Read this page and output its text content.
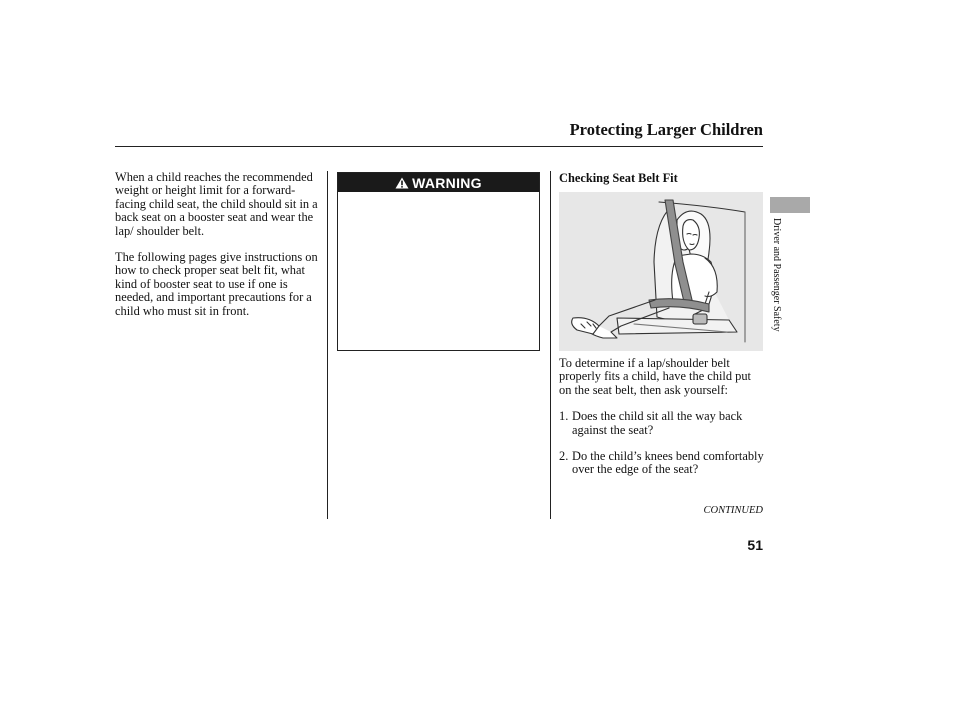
Protecting Larger Children

When a child reaches the recommended weight or height limit for a forward-facing child seat, the child should sit in a back seat on a booster seat and wear the lap/ shoulder belt.

The following pages give instructions on how to check proper seat belt fit, what kind of booster seat to use if one is needed, and important precautions for a child who must sit in front.

WARNING	Checking Seat Belt Fit

To determine if a lap/shoulder belt properly fits a child, have the child put on the seat belt, then ask yourself:

1. Does the child sit all the way back against the seat?
2. Do the child’s knees bend comfortably over the edge of the seat?
CONTINUED
51
Driver and Passenger Safety
